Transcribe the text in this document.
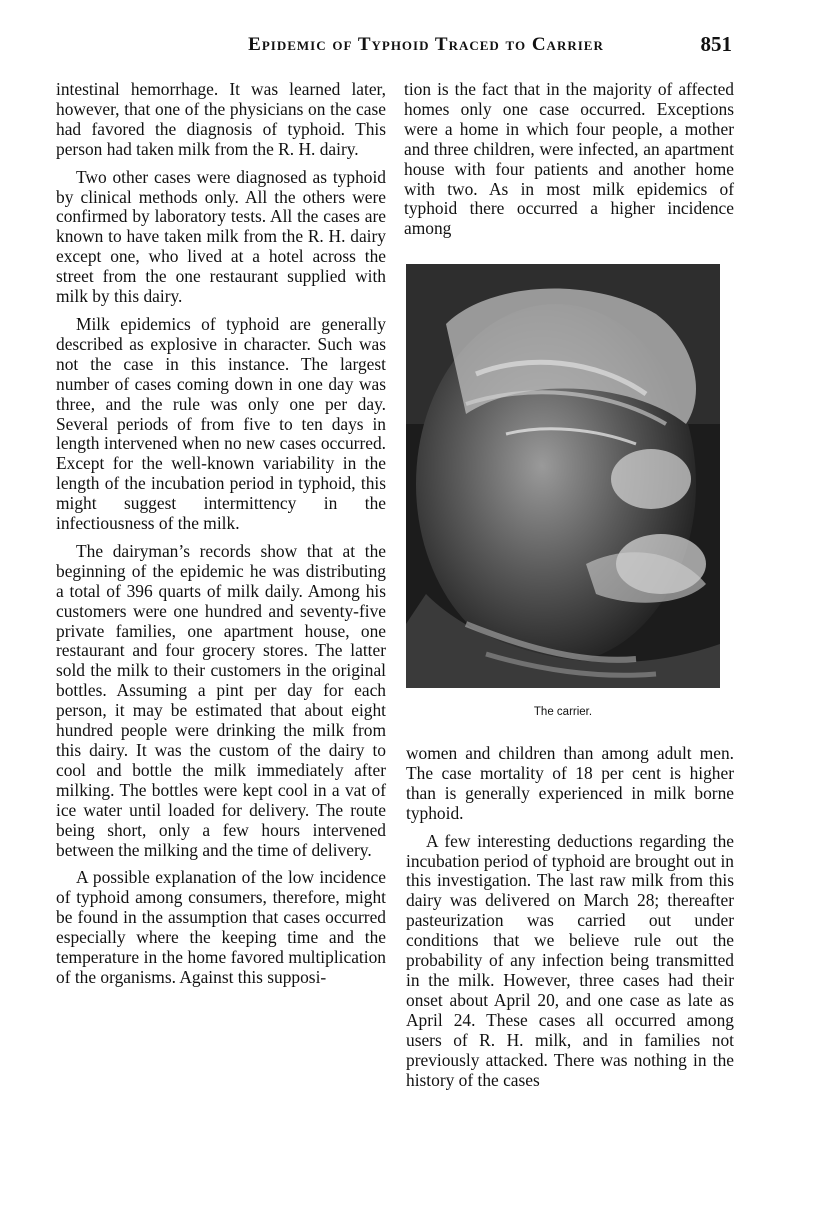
Epidemic of Typhoid Traced to Carrier	851

intestinal hemorrhage. It was learned later, however, that one of the physicians on the case had favored the diagnosis of typhoid. This person had taken milk from the R. H. dairy.

Two other cases were diagnosed as typhoid by clinical methods only. All the others were confirmed by laboratory tests. All the cases are known to have taken milk from the R. H. dairy except one, who lived at a hotel across the street from the one restaurant supplied with milk by this dairy.

Milk epidemics of typhoid are generally described as explosive in character. Such was not the case in this instance. The largest number of cases coming down in one day was three, and the rule was only one per day. Several periods of from five to ten days in length intervened when no new cases occurred. Except for the well-known variability in the length of the incubation period in typhoid, this might suggest intermittency in the infectiousness of the milk.

The dairyman’s records show that at the beginning of the epidemic he was distributing a total of 396 quarts of milk daily. Among his customers were one hundred and seventy-five private families, one apartment house, one restaurant and four grocery stores. The latter sold the milk to their customers in the original bottles. Assuming a pint per day for each person, it may be estimated that about eight hundred people were drinking the milk from this dairy. It was the custom of the dairy to cool and bottle the milk immediately after milking. The bottles were kept cool in a vat of ice water until loaded for delivery. The route being short, only a few hours intervened between the milking and the time of delivery.

A possible explanation of the low incidence of typhoid among consumers, therefore, might be found in the assumption that cases occurred especially where the keeping time and the temperature in the home favored multiplication of the organisms. Against this supposi-

tion is the fact that in the majority of affected homes only one case occurred. Exceptions were a home in which four people, a mother and three children, were infected, an apartment house with four patients and another home with two. As in most milk epidemics of typhoid there occurred a higher incidence among

The carrier.

women and children than among adult men. The case mortality of 18 per cent is higher than is generally experienced in milk borne typhoid.

A few interesting deductions regarding the incubation period of typhoid are brought out in this investigation. The last raw milk from this dairy was delivered on March 28; thereafter pasteurization was carried out under conditions that we believe rule out the probability of any infection being transmitted in the milk. However, three cases had their onset about April 20, and one case as late as April 24. These cases all occurred among users of R. H. milk, and in families not previously attacked. There was nothing in the history of the cases
